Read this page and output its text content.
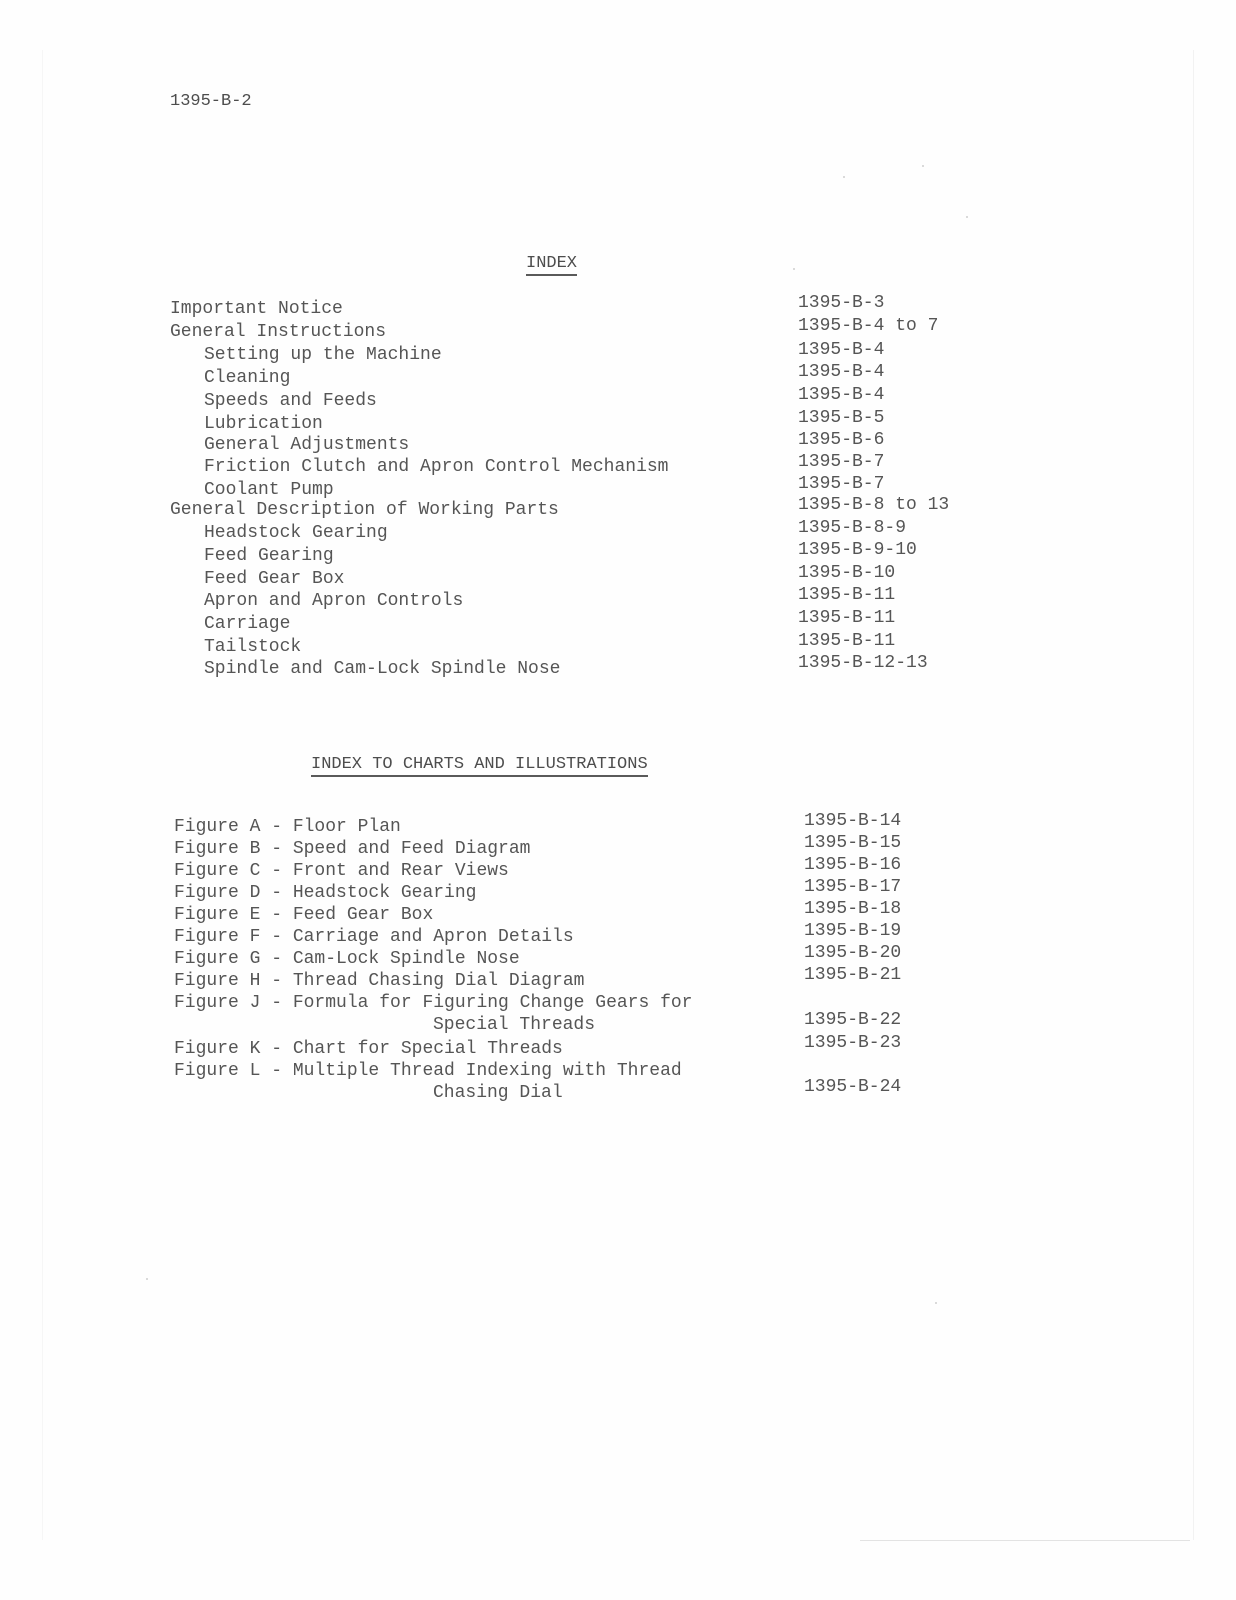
1395-B-2
INDEX
Important Notice	1395-B-3
General Instructions	1395-B-4 to 7
Setting up the Machine	1395-B-4
Cleaning	1395-B-4
Speeds and Feeds	1395-B-4
Lubrication	1395-B-5
General Adjustments	1395-B-6
Friction Clutch and Apron Control Mechanism	1395-B-7
Coolant Pump	1395-B-7
General Description of Working Parts	1395-B-8 to 13
Headstock Gearing	1395-B-8-9
Feed Gearing	1395-B-9-10
Feed Gear Box	1395-B-10
Apron and Apron Controls	1395-B-11
Carriage	1395-B-11
Tailstock	1395-B-11
Spindle and Cam-Lock Spindle Nose	1395-B-12-13
INDEX TO CHARTS AND ILLUSTRATIONS
Figure A - Floor Plan	1395-B-14
Figure B - Speed and Feed Diagram	1395-B-15
Figure C - Front and Rear Views	1395-B-16
Figure D - Headstock Gearing	1395-B-17
Figure E - Feed Gear Box	1395-B-18
Figure F - Carriage and Apron Details	1395-B-19
Figure G - Cam-Lock Spindle Nose	1395-B-20
Figure H - Thread Chasing Dial Diagram	1395-B-21
Figure J - Formula for Figuring Change Gears for
Special Threads	1395-B-22
Figure K - Chart for Special Threads	1395-B-23
Figure L - Multiple Thread Indexing with Thread
Chasing Dial	1395-B-24
